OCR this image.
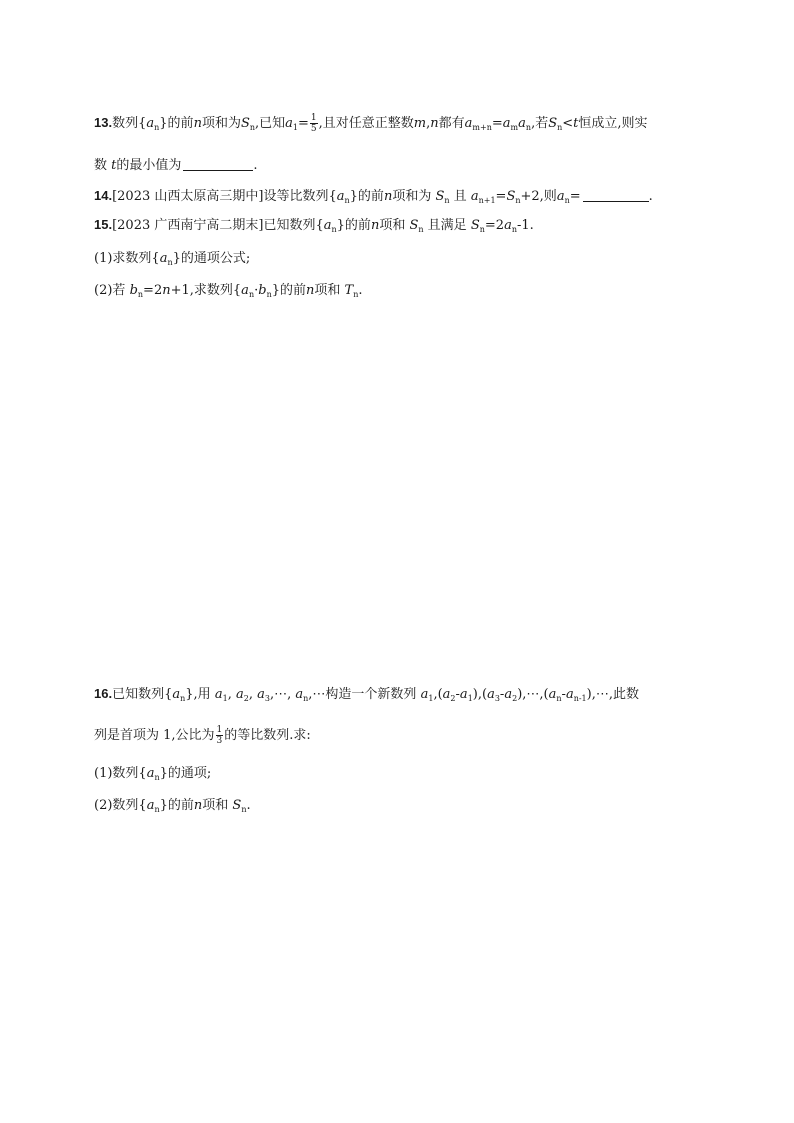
13.数列$\{a_n\}$的前n项和为$S_n$,已知$a_1= \frac{1}{5}$ ,且对任意正整数m,n都有$a_{m+n}=a_ma_n$,若$S_n<t$恒成立,则实
数 t的最小值为	.
14.[2023 山西太原高三期中]设等比数列$\{a_n\}$的前n项和为 $S_n$ 且 $a_{n+1}=S_n+2$,则$a_n=$	.
15.[2023 广西南宁高二期末]已知数列$\{a_n\}$的前n项和 $S_n$ 且满足 $S_n=2a_n-1$.
(1)求数列$\{a_n\}$的通项公式;
(2)若 $b_n=2n+1$,求数列$\{a_n\cdot b_n\}$的前n项和 $T_n$.
16.已知数列$\{a_n\}$,用 $a_1$, $a_2$, $a_3,\cdots$, $a_n,\cdots$构造一个新数列 $a_1,(a_2-a_1),(a_3-a_2),\cdots,(a_n-a_{n-1}),\cdots$,此数
列是首项为 1,公比为 $\frac{1}{3}$ 的等比数列.求:
(1)数列$\{a_n\}$的通项;
(2)数列$\{a_n\}$的前n项和 $S_n$.
